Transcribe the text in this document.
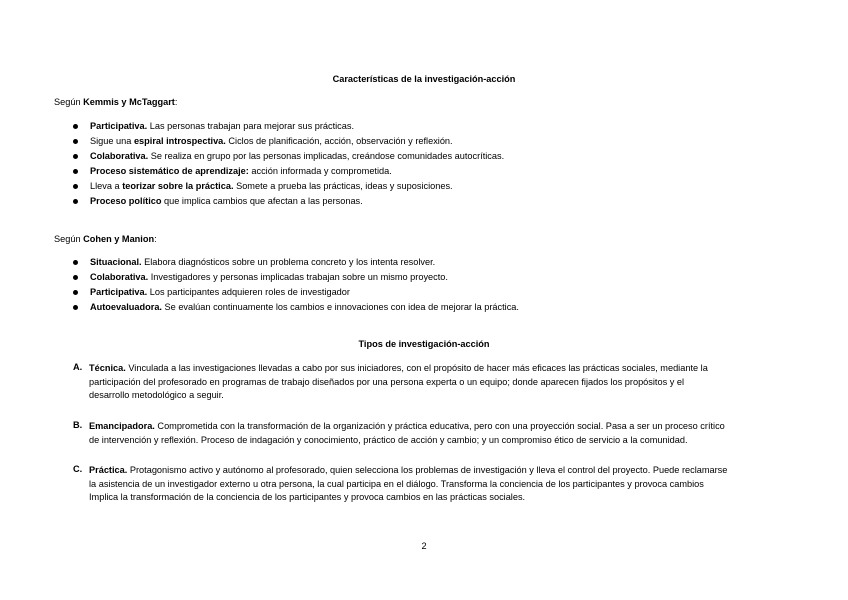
Características de la investigación-acción
Según Kemmis y McTaggart:
Participativa. Las personas trabajan para mejorar sus prácticas.
Sigue una espiral introspectiva. Ciclos de planificación, acción, observación y reflexión.
Colaborativa. Se realiza en grupo por las personas implicadas, creándose comunidades autocríticas.
Proceso sistemático de aprendizaje: acción informada y comprometida.
Lleva a teorizar sobre la práctica. Somete a prueba las prácticas, ideas y suposiciones.
Proceso político que implica cambios que afectan a las personas.
Según Cohen y Manion:
Situacional. Elabora diagnósticos sobre un problema concreto y los intenta resolver.
Colaborativa. Investigadores y personas implicadas trabajan sobre un mismo proyecto.
Participativa. Los participantes adquieren roles de investigador
Autoevaluadora. Se evalúan continuamente los cambios e innovaciones con idea de mejorar la práctica.
Tipos de investigación-acción
A. Técnica. Vinculada a las investigaciones llevadas a cabo por sus iniciadores, con el propósito de hacer más eficaces las prácticas sociales, mediante la
participación del profesorado en programas de trabajo diseñados por una persona experta o un equipo; donde aparecen fijados los propósitos y el
desarrollo metodológico a seguir.
B. Emancipadora. Comprometida con la transformación de la organización y práctica educativa, pero con una proyección social. Pasa a ser un proceso crítico
de intervención y reflexión. Proceso de indagación y conocimiento, práctico de acción y cambio; y un compromiso ético de servicio a la comunidad.
C. Práctica. Protagonismo activo y autónomo al profesorado, quien selecciona los problemas de investigación y lleva el control del proyecto. Puede reclamarse
la asistencia de un investigador externo u otra persona, la cual participa en el diálogo. Transforma la conciencia de los participantes y provoca cambios
Implica la transformación de la conciencia de los participantes y provoca cambios en las prácticas sociales.
2
